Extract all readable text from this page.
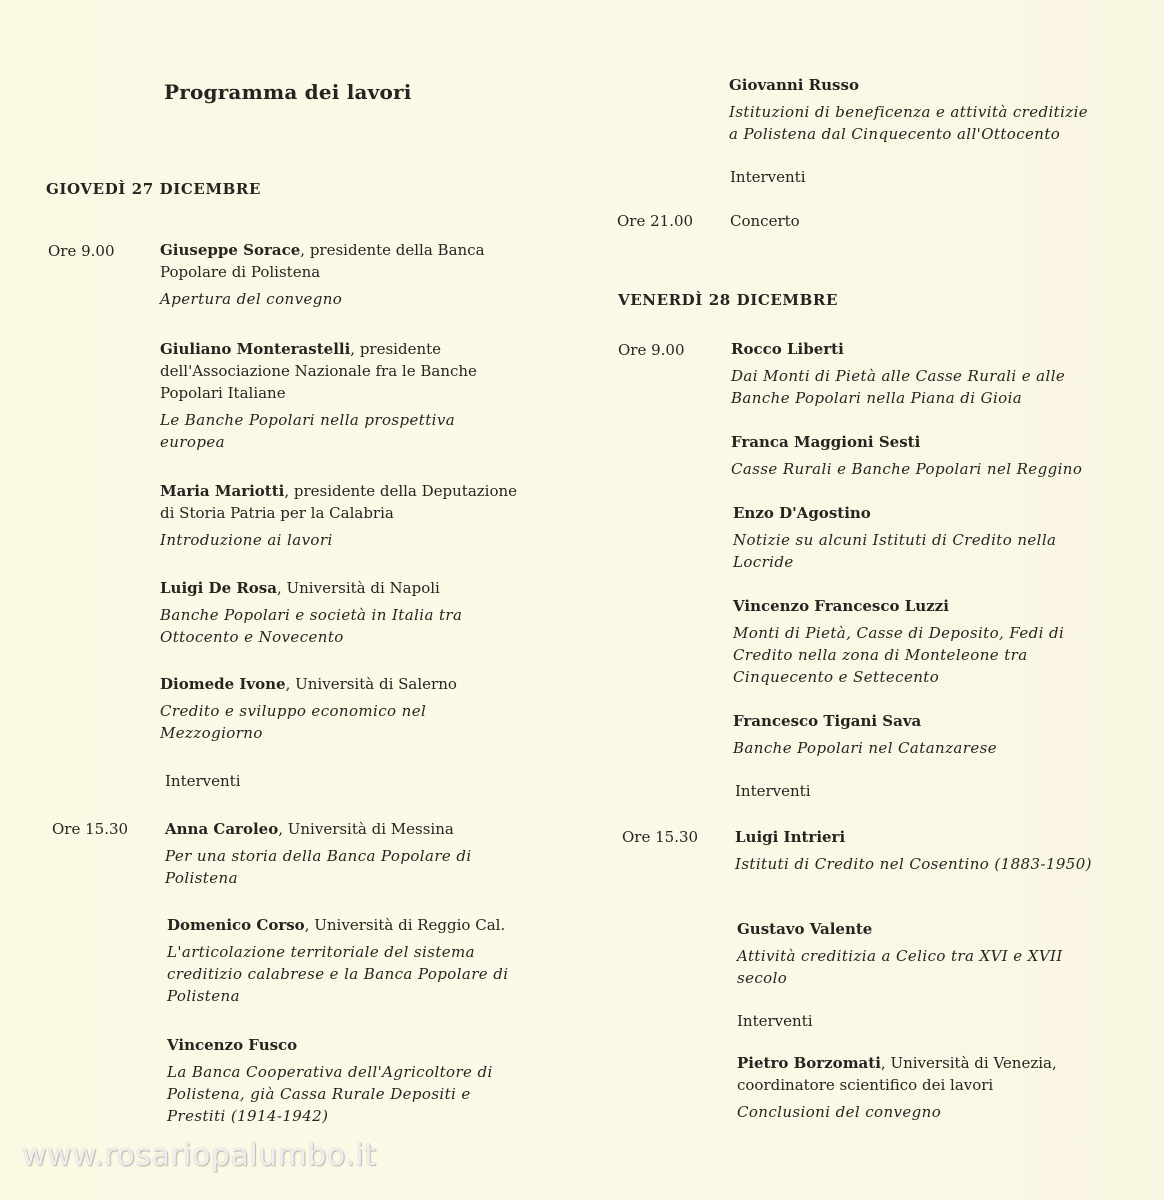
Programma dei lavori
GIOVEDÌ 27 DICEMBRE
Ore 9.00	Giuseppe Sorace, presidente della Banca Popolare di Polistena
Apertura del convegno
Giuliano Monterastelli, presidente dell'Associazione Nazionale fra le Banche Popolari Italiane
Le Banche Popolari nella prospettiva europea
Maria Mariotti, presidente della Deputazione di Storia Patria per la Calabria
Introduzione ai lavori
Luigi De Rosa, Università di Napoli
Banche Popolari e società in Italia tra Ottocento e Novecento
Diomede Ivone, Università di Salerno
Credito e sviluppo economico nel Mezzogiorno
Interventi
Ore 15.30 Anna Caroleo, Università di Messina
Per una storia della Banca Popolare di Polistena
Domenico Corso, Università di Reggio Cal.
L'articolazione territoriale del sistema creditizio calabrese e la Banca Popolare di Polistena
Vincenzo Fusco
La Banca Cooperativa dell'Agricoltore di Polistena, già Cassa Rurale Depositi e Prestiti (1914-1942)
Giovanni Russo
Istituzioni di beneficenza e attività creditizie a Polistena dal Cinquecento all'Ottocento
Interventi
Ore 21.00 Concerto
VENERDÌ 28 DICEMBRE
Ore 9.00	Rocco Liberti
Dai Monti di Pietà alle Casse Rurali e alle Banche Popolari nella Piana di Gioia
Franca Maggioni Sesti
Casse Rurali e Banche Popolari nel Reggino
Enzo D'Agostino
Notizie su alcuni Istituti di Credito nella Locride
Vincenzo Francesco Luzzi
Monti di Pietà, Casse di Deposito, Fedi di Credito nella zona di Monteleone tra Cinquecento e Settecento
Francesco Tigani Sava
Banche Popolari nel Catanzarese
Interventi
Ore 15.30 Luigi Intrieri
Istituti di Credito nel Cosentino (1883-1950)
Gustavo Valente
Attività creditizia a Celico tra XVI e XVII secolo
Interventi
Pietro Borzomati, Università di Venezia, coordinatore scientifico dei lavori
Conclusioni del convegno
www.rosariopalumbo.it
